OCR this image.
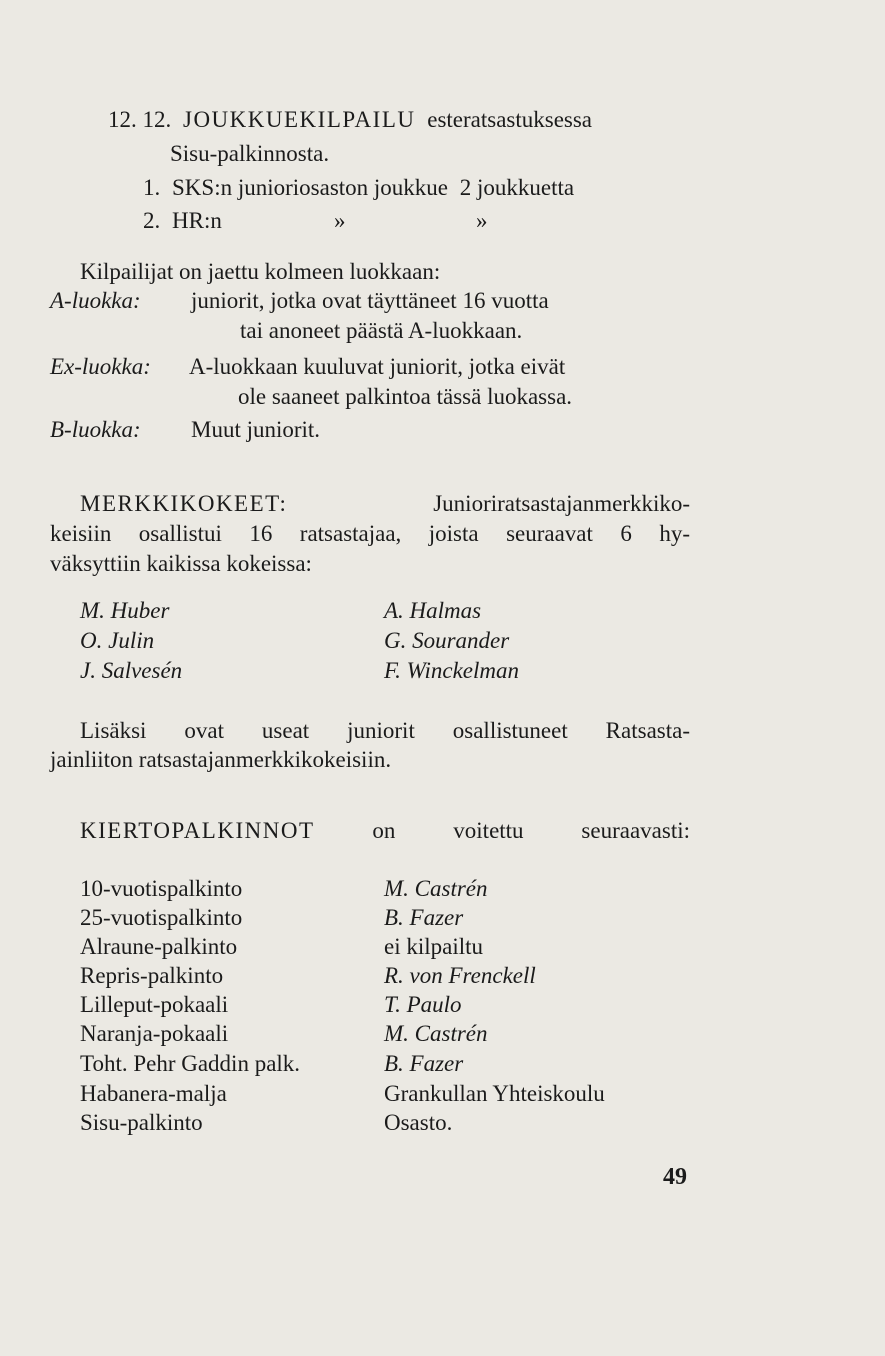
12. 12. JOUKKUEKILPAILU esteratsastuksessa
Sisu-palkinnosta.
1. SKS:n junioriosaston joukkue 2 joukkuetta
2. HR:n	»	»
Kilpailijat on jaettu kolmeen luokkaan:
A-luokka: juniorit, jotka ovat täyttäneet 16 vuotta
tai anoneet päästä A-luokkaan.
Ex-luokka: A-luokkaan kuuluvat juniorit, jotka eivät
ole saaneet palkintoa tässä luokassa.
B-luokka: Muut juniorit.
MERKKIKOKEET:	Junioriratsastajanmerkkiko-
keisiin osallistui 16 ratsastajaa, joista seuraavat 6 hy-
väksyttiin kaikissa kokeissa:
M. Huber	A. Halmas
O. Julin	G. Sourander
J. Salvesén	F. Winckelman
Lisäksi ovat useat juniorit osallistuneet Ratsasta-
jainliiton ratsastajanmerkkikokeisiin.
KIERTOPALKINNOT	on voitettu seuraavasti:
10-vuotispalkinto	M. Castrén
25-vuotispalkinto	B. Fazer
Alraune-palkinto	ei kilpailtu
Repris-palkinto	R. von Frenckell
Lilleput-pokaali	T. Paulo
Naranja-pokaali	M. Castrén
Toht. Pehr Gaddin palk.	B. Fazer
Habanera-malja	Grankullan Yhteiskoulu
Sisu-palkinto	Osasto.
49
